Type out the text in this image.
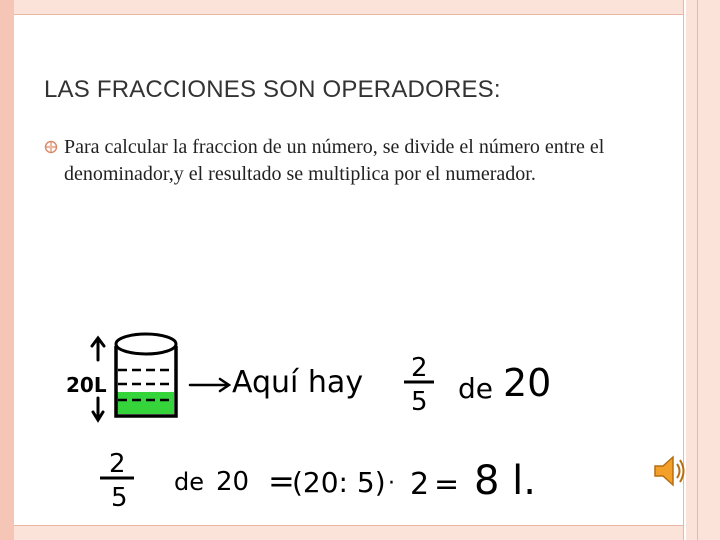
LAS FRACCIONES SON OPERADORES:
Para calcular la fraccion de un número, se divide el número entre el denominador,y el resultado se multiplica por el numerador.
20L	Aquí hay 2
5 de 20
2
5
de 20 =
(20: 5) · 2 = 8 l.
